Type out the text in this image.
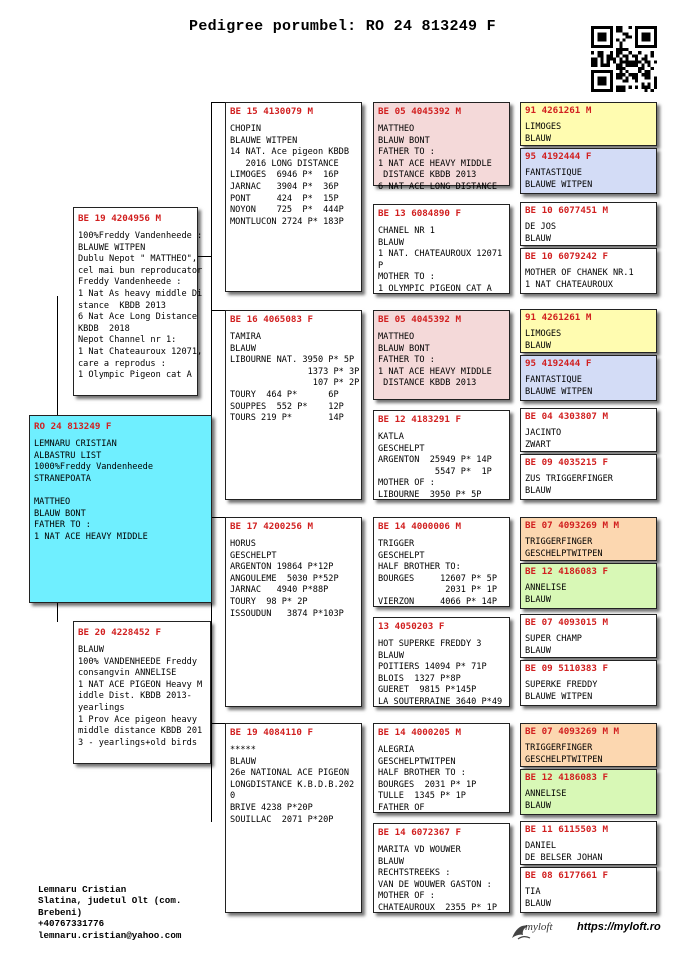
Pedigree porumbel: RO 24 813249 F
RO 24 813249 F
LEMNARU CRISTIAN
ALBASTRU LIST
1000%Freddy Vandenheede
STRANEPOATA

MATTHEO
BLAUW BONT
FATHER TO :
1 NAT ACE HEAVY MIDDLE
BE 19 4204956 M
100%Freddy Vandenheede :
BLAUWE WITPEN
Dublu Nepot " MATTHEO",
cel mai bun reproducator
Freddy Vandenheede :
1 Nat As heavy middle Di
stance  KBDB 2013
6 Nat Ace Long Distance
KBDB  2018
Nepot Channel nr 1:
1 Nat Chateauroux 12071,
care a reprodus :
1 Olympic Pigeon cat A
BE 20 4228452 F
BLAUW
100% VANDENHEEDE Freddy
consangvin ANNELISE
1 NAT ACE PIGEON Heavy M
iddle Dist. KBDB 2013-
yearlings
1 Prov Ace pigeon heavy
middle distance KBDB 201
3 - yearlings+old birds
BE 15 4130079 M
CHOPIN
BLAUWE WITPEN
14 NAT. Ace pigeon KBDB
2016 LONG DISTANCE
LIMOGES  6946 P*  16P
JARNAC   3904 P*  36P
PONT     424  P*  15P
NOYON    725  P*  444P
MONTLUCON 2724 P* 183P
BE 16 4065083 F
TAMIRA
BLAUW
LIBOURNE NAT. 3950 P* 5P
1373 P* 3P
107 P* 2P
TOURY  464 P*      6P
SOUPPES  552 P*    12P
TOURS 219 P*       14P
BE 17 4200256 M
HORUS
GESCHELPT
ARGENTON 19864 P*12P
ANGOULEME  5030 P*52P
JARNAC   4940 P*88P
TOURY  98 P* 2P
ISSOUDUN   3874 P*103P
BE 19 4084110 F
*****
BLAUW
26e NATIONAL ACE PIGEON
LONGDISTANCE K.B.D.B.202
0
BRIVE 4238 P*20P
SOUILLAC  2071 P*20P
BE 05 4045392 M
MATTHEO
BLAUW BONT
FATHER TO :
1 NAT ACE HEAVY MIDDLE
DISTANCE KBDB 2013
6 NAT ACE LONG DISTANCE
BE 13 6084890 F
CHANEL NR 1
BLAUW
1 NAT. CHATEAUROUX 12071
P
MOTHER TO :
1 OLYMPIC PIGEON CAT A
BE 05 4045392 M
MATTHEO
BLAUW BONT
FATHER TO :
1 NAT ACE HEAVY MIDDLE
DISTANCE KBDB 2013
BE 12 4183291 F
KATLA
GESCHELPT
ARGENTON  25949 P* 14P
5547 P*  1P
MOTHER OF :
LIBOURNE  3950 P* 5P
BE 14 4000006 M
TRIGGER
GESCHELPT
HALF BROTHER TO:
BOURGES     12607 P* 5P
2031 P* 1P
VIERZON     4066 P* 14P
13 4050203 F
HOT SUPERKE FREDDY 3
BLAUW
POITIERS 14094 P* 71P
BLOIS  1327 P*8P
GUERET  9815 P*145P
LA SOUTERRAINE 3640 P*49
BE 14 4000205 M
ALEGRIA
GESCHELPTWITPEN
HALF BROTHER TO :
BOURGES  2031 P* 1P
TULLE  1345 P* 1P
FATHER OF
BE 14 6072367 F
MARITA VD WOUWER
BLAUW
RECHTSTREEKS :
VAN DE WOUWER GASTON :
MOTHER OF :
CHATEAUROUX  2355 P* 1P
91 4261261 M
LIMOGES
BLAUW
95 4192444 F
FANTASTIQUE
BLAUWE WITPEN
BE 10 6077451 M
DE JOS
BLAUW
BE 10 6079242 F
MOTHER OF CHANEK NR.1
1 NAT CHATEAUROUX
91 4261261 M
LIMOGES
BLAUW
95 4192444 F
FANTASTIQUE
BLAUWE WITPEN
BE 04 4303807 M
JACINTO
ZWART
BE 09 4035215 F
ZUS TRIGGERFINGER
BLAUW
BE 07 4093269 M M
TRIGGERFINGER
GESCHELPTWITPEN
BE 12 4186083 F
ANNELISE
BLAUW
BE 07 4093015 M
SUPER CHAMP
BLAUW
BE 09 5110383 F
SUPERKE FREDDY
BLAUWE WITPEN
BE 07 4093269 M M
TRIGGERFINGER
GESCHELPTWITPEN
BE 12 4186083 F
ANNELISE
BLAUW
BE 11 6115503 M
DANIEL
DE BELSER JOHAN
BE 08 6177661 F
TIA
BLAUW
Lemnaru Cristian
Slatina, judetul Olt (com.
Brebeni)
+40767331776
lemnaru.cristian@yahoo.com
myloft https://myloft.ro
